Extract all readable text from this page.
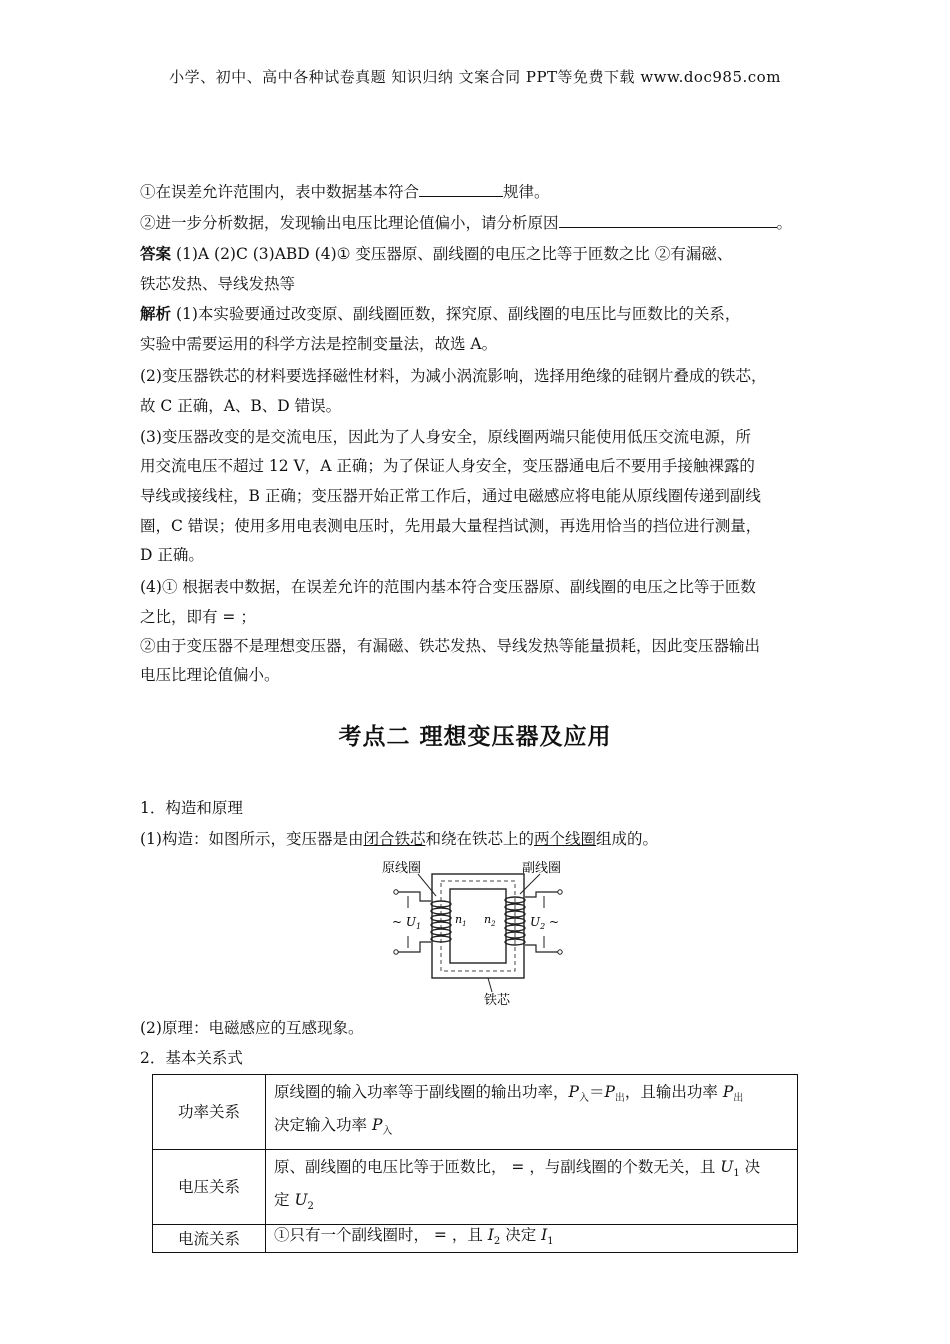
小学、初中、高中各种试卷真题 知识归纳 文案合同 PPT等免费下载 www.doc985.com
①在误差允许范围内，表中数据基本符合	规律。
②进一步分析数据，发现输出电压比理论值偏小，请分析原因	。
答案 (1)A (2)C (3)ABD (4)① 变压器原、副线圈的电压之比等于匝数之比 ②有漏磁、
铁芯发热、导线发热等
解析 (1)本实验要通过改变原、副线圈匝数，探究原、副线圈的电压比与匝数比的关系，
实验中需要运用的科学方法是控制变量法，故选 A。
(2)变压器铁芯的材料要选择磁性材料，为减小涡流影响，选择用绝缘的硅钢片叠成的铁芯，
故 C 正确，A、B、D 错误。
(3)变压器改变的是交流电压，因此为了人身安全，原线圈两端只能使用低压交流电源，所
用交流电压不超过 12 V，A 正确；为了保证人身安全，变压器通电后不要用手接触裸露的
导线或接线柱，B 正确；变压器开始正常工作后，通过电磁感应将电能从原线圈传递到副线
圈，C 错误；使用多用电表测电压时，先用最大量程挡试测，再选用恰当的挡位进行测量，
D 正确。
(4)① 根据表中数据，在误差允许的范围内基本符合变压器原、副线圈的电压之比等于匝数
之比，即有 = ；
②由于变压器不是理想变压器，有漏磁、铁芯发热、导线发热等能量损耗，因此变压器输出
电压比理论值偏小。
考点二 理想变压器及应用
1．构造和原理
(1)构造：如图所示，变压器是由闭合铁芯和绕在铁芯上的两个线圈组成的。
原线圈	副线圈
铁芯
~ $U_1$
$n_1$ $n_2$	$U_2$ ~
(2)原理：电磁感应的互感现象。
2．基本关系式
功率关系	原线圈的输入功率等于副线圈的输出功率，$P_入=P_出$，且输出功率 $P_出$
决定输入功率 $P_入$
电压关系	原、副线圈的电压比等于匝数比， = ，与副线圈的个数无关，且 $U_1$ 决
定 $U_2$
电流关系	①只有一个副线圈时， = ，且 $I_2$ 决定 $I_1$
